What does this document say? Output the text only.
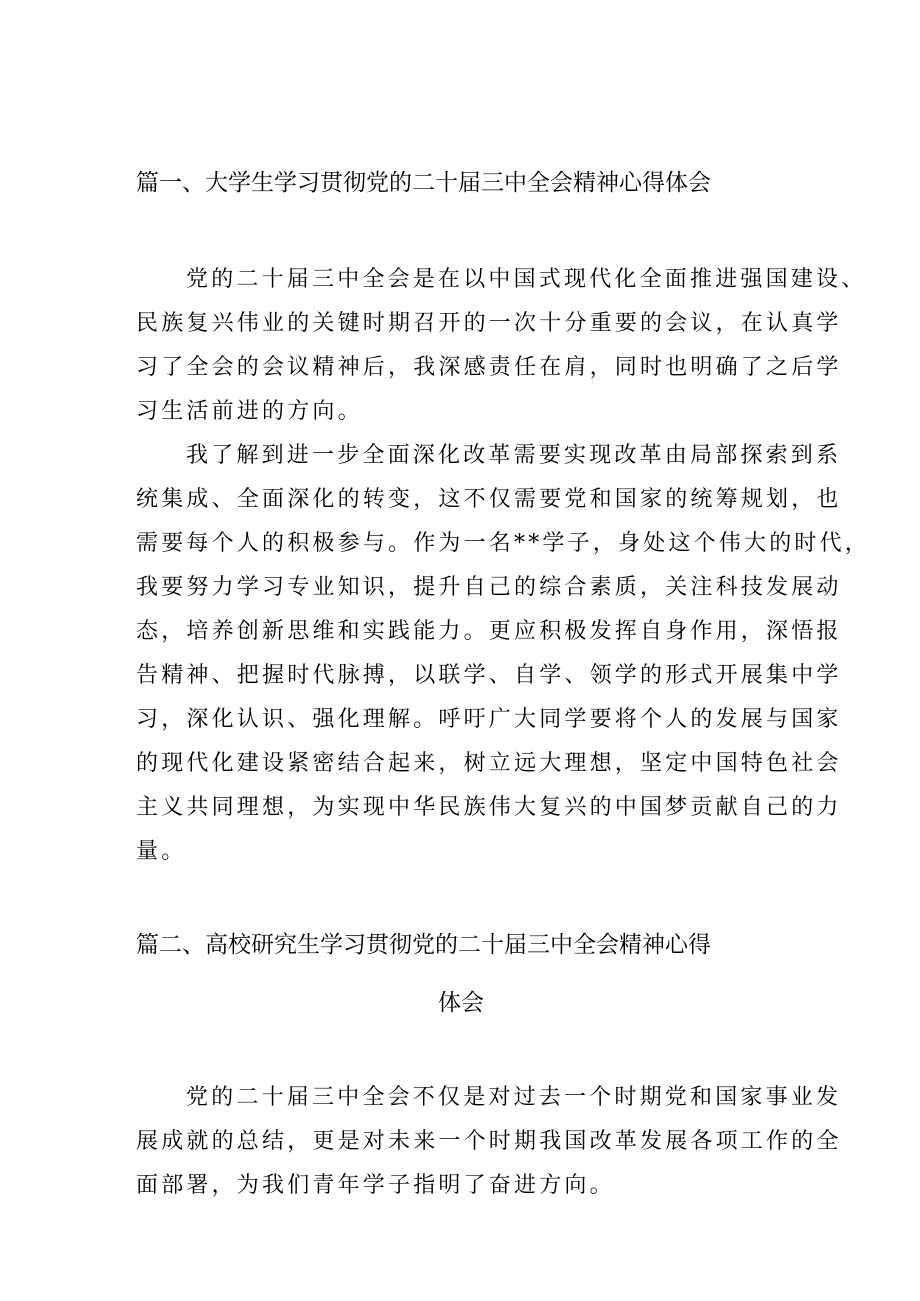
篇一、大学生学习贯彻党的二十届三中全会精神心得体会

党的二十届三中全会是在以中国式现代化全面推进强国建设、

民族复兴伟业的关键时期召开的一次十分重要的会议，在认真学

习了全会的会议精神后，我深感责任在肩，同时也明确了之后学

习生活前进的方向。

我了解到进一步全面深化改革需要实现改革由局部探索到系

统集成、全面深化的转变，这不仅需要党和国家的统筹规划，也

需要每个人的积极参与。作为一名**学子，身处这个伟大的时代，

我要努力学习专业知识，提升自己的综合素质，关注科技发展动

态，培养创新思维和实践能力。更应积极发挥自身作用，深悟报

告精神、把握时代脉搏，以联学、自学、领学的形式开展集中学

习，深化认识、强化理解。呼吁广大同学要将个人的发展与国家

的现代化建设紧密结合起来，树立远大理想，坚定中国特色社会

主义共同理想，为实现中华民族伟大复兴的中国梦贡献自己的力

量。

篇二、高校研究生学习贯彻党的二十届三中全会精神心得
体会

党的二十届三中全会不仅是对过去一个时期党和国家事业发

展成就的总结，更是对未来一个时期我国改革发展各项工作的全

面部署，为我们青年学子指明了奋进方向。
